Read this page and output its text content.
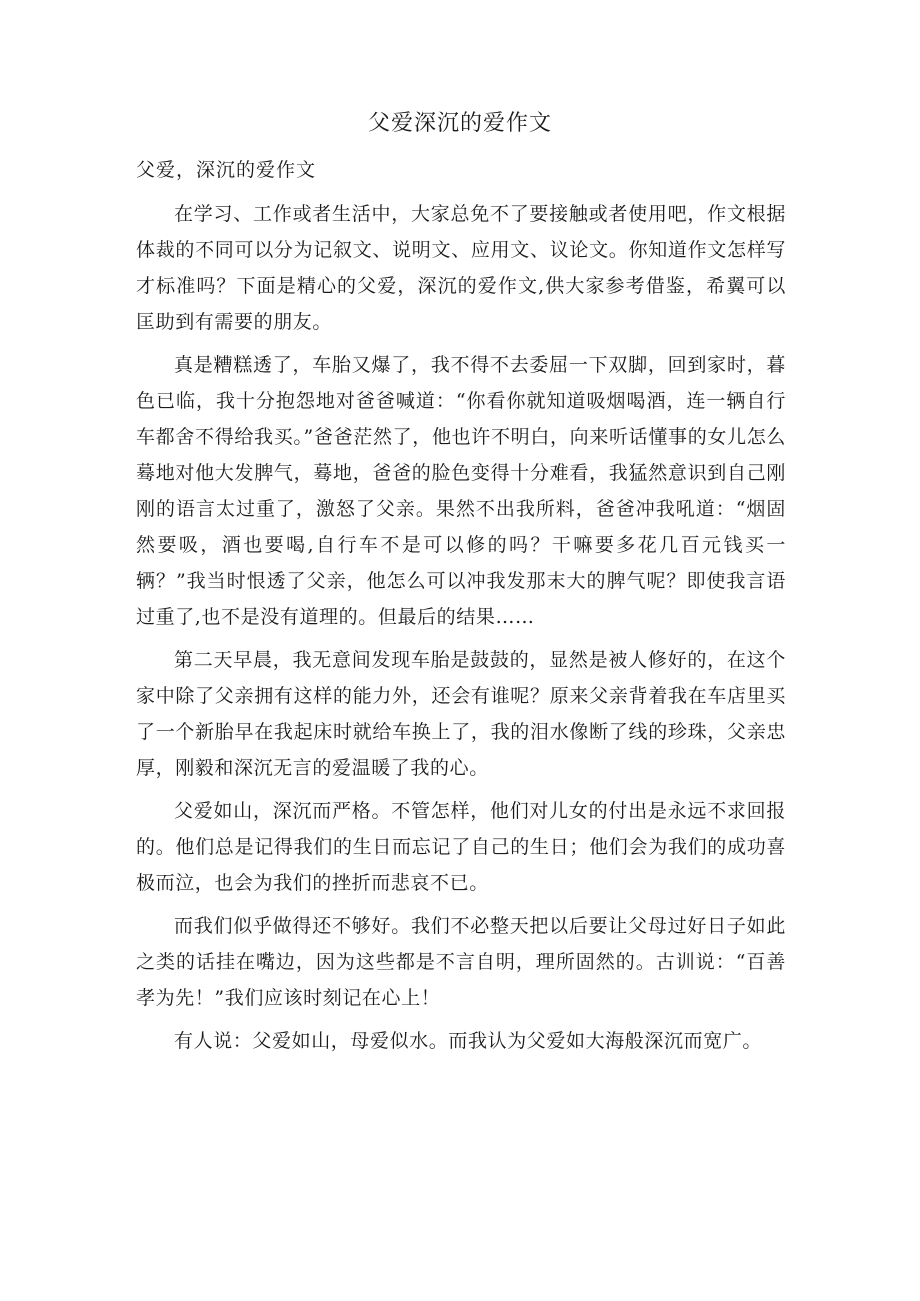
父爱深沉的爱作文
父爱，深沉的爱作文

在学习、工作或者生活中，大家总免不了要接触或者使用吧，作文根据体裁的不同可以分为记叙文、说明文、应用文、议论文。你知道作文怎样写才标准吗？下面是精心的父爱，深沉的爱作文,供大家参考借鉴，希翼可以匡助到有需要的朋友。

真是糟糕透了，车胎又爆了，我不得不去委屈一下双脚，回到家时，暮色已临，我十分抱怨地对爸爸喊道：“你看你就知道吸烟喝酒，连一辆自行车都舍不得给我买。”爸爸茫然了，他也许不明白，向来听话懂事的女儿怎么蓦地对他大发脾气，蓦地，爸爸的脸色变得十分难看，我猛然意识到自己刚刚的语言太过重了，激怒了父亲。果然不出我所料，爸爸冲我吼道：“烟固然要吸，酒也要喝,自行车不是可以修的吗？干嘛要多花几百元钱买一辆？”我当时恨透了父亲，他怎么可以冲我发那末大的脾气呢？即使我言语过重了,也不是没有道理的。但最后的结果……

第二天早晨，我无意间发现车胎是鼓鼓的，显然是被人修好的，在这个家中除了父亲拥有这样的能力外，还会有谁呢？原来父亲背着我在车店里买了一个新胎早在我起床时就给车换上了，我的泪水像断了线的珍珠，父亲忠厚，刚毅和深沉无言的爱温暖了我的心。

父爱如山，深沉而严格。不管怎样，他们对儿女的付出是永远不求回报的。他们总是记得我们的生日而忘记了自己的生日；他们会为我们的成功喜极而泣，也会为我们的挫折而悲哀不已。

而我们似乎做得还不够好。我们不必整天把以后要让父母过好日子如此之类的话挂在嘴边，因为这些都是不言自明，理所固然的。古训说：“百善孝为先！”我们应该时刻记在心上！

有人说：父爱如山，母爱似水。而我认为父爱如大海般深沉而宽广。
